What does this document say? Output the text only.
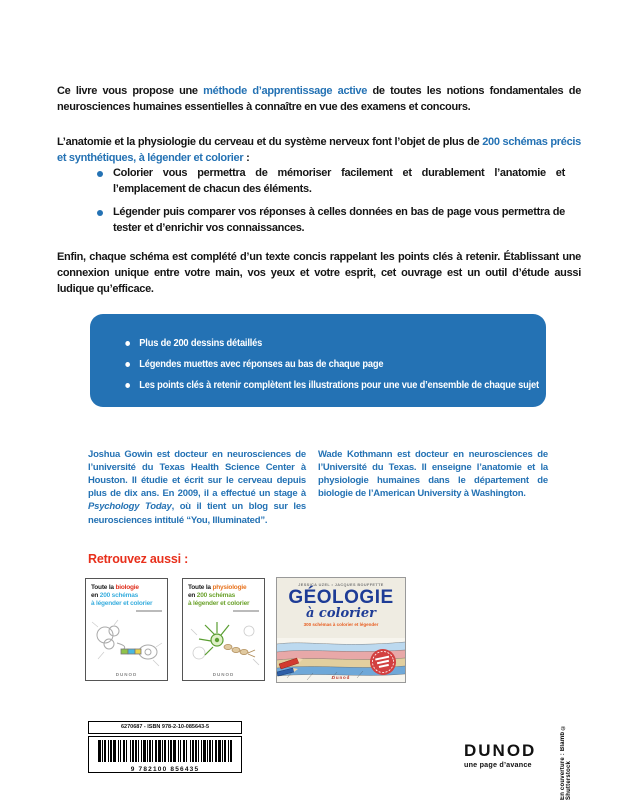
Ce livre vous propose une méthode d’apprentissage active de toutes les notions fondamentales de neurosciences humaines essentielles à connaître en vue des examens et concours.

L’anatomie et la physiologie du cerveau et du système nerveux font l’objet de plus de 200 schémas précis et synthétiques, à légender et colorier :

Colorier vous permettra de mémoriser facilement et durablement l’anatomie et l’emplacement de chacun des éléments.
Légender puis comparer vos réponses à celles données en bas de page vous permettra de tester et d’enrichir vos connaissances.

Enfin, chaque schéma est complété d’un texte concis rappelant les points clés à retenir. Établissant une connexion unique entre votre main, vos yeux et votre esprit, cet ouvrage est un outil d’étude aussi ludique qu’efficace.

Plus de 200 dessins détaillés
Légendes muettes avec réponses au bas de chaque page
Les points clés à retenir complètent les illustrations pour une vue d’ensemble de chaque sujet

Joshua Gowin est docteur en neurosciences de l’université du Texas Health Science Center à Houston. Il étudie et écrit sur le cerveau depuis plus de dix ans. En 2009, il a effectué un stage à Psychology Today, où il tient un blog sur les neurosciences intitulé “You, Illuminated”.

Wade Kothmann est docteur en neurosciences de l’Université du Texas. Il enseigne l’anatomie et la physiologie humaines dans le département de biologie de l’American University à Washington.

Retrouvez aussi :
Toute la biologie
en 200 schémas
à légender et colorier
DUNOD
Toute la physiologie
en 200 schémas
à légender et colorier
DUNOD
JESSICA UZEL • JACQUES BOUFFETTE
GÉOLOGIE
à colorier
300 schémas à colorier et légender
Dunod
6270687 - ISBN 978-2-10-085643-5
9 782100 856435
DUNOD
une page d’avance	En couverture : Blamb © Shutterstock
